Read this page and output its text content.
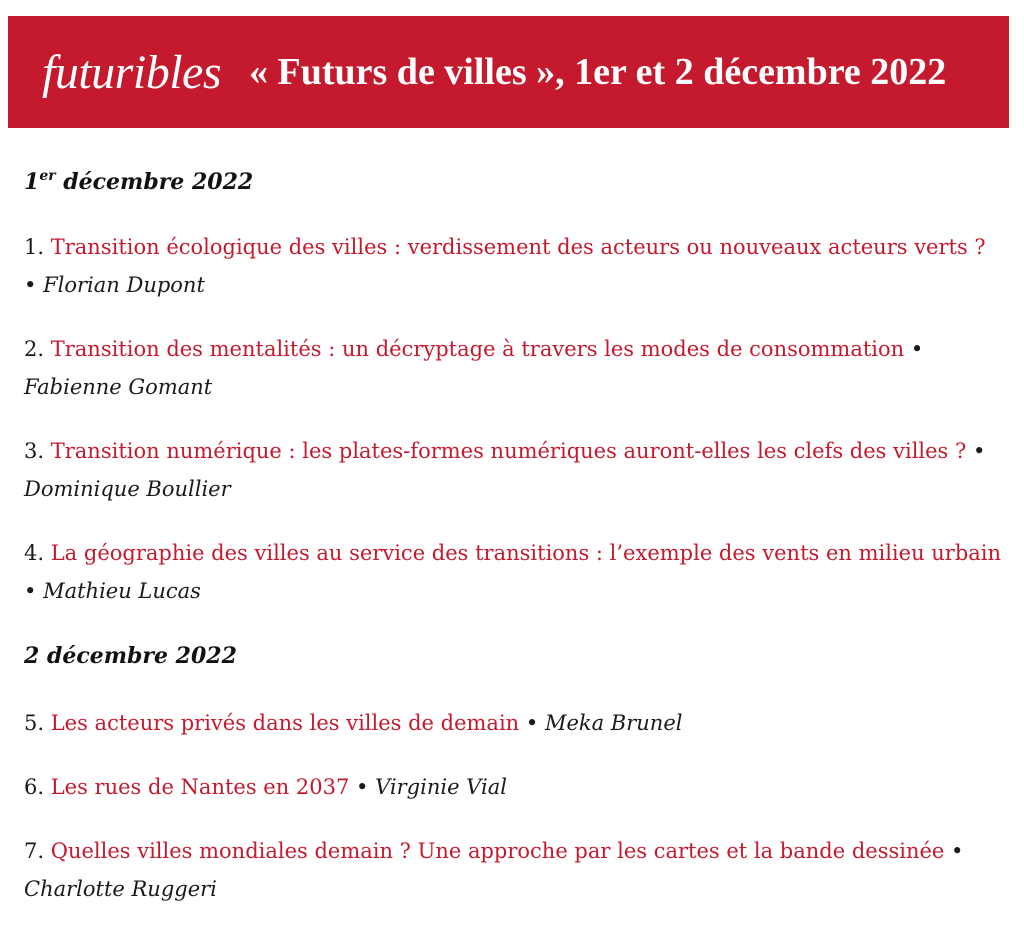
futuribles « Futurs de villes », 1er et 2 décembre 2022

1er décembre 2022

1. Transition écologique des villes : verdissement des acteurs ou nouveaux acteurs verts ? • Florian Dupont

2. Transition des mentalités : un décryptage à travers les modes de consommation • Fabienne Gomant

3. Transition numérique : les plates-formes numériques auront-elles les clefs des villes ? • Dominique Boullier

4. La géographie des villes au service des transitions : l’exemple des vents en milieu urbain • Mathieu Lucas

2 décembre 2022

5. Les acteurs privés dans les villes de demain • Meka Brunel

6. Les rues de Nantes en 2037 • Virginie Vial

7. Quelles villes mondiales demain ? Une approche par les cartes et la bande dessinée • Charlotte Ruggeri
